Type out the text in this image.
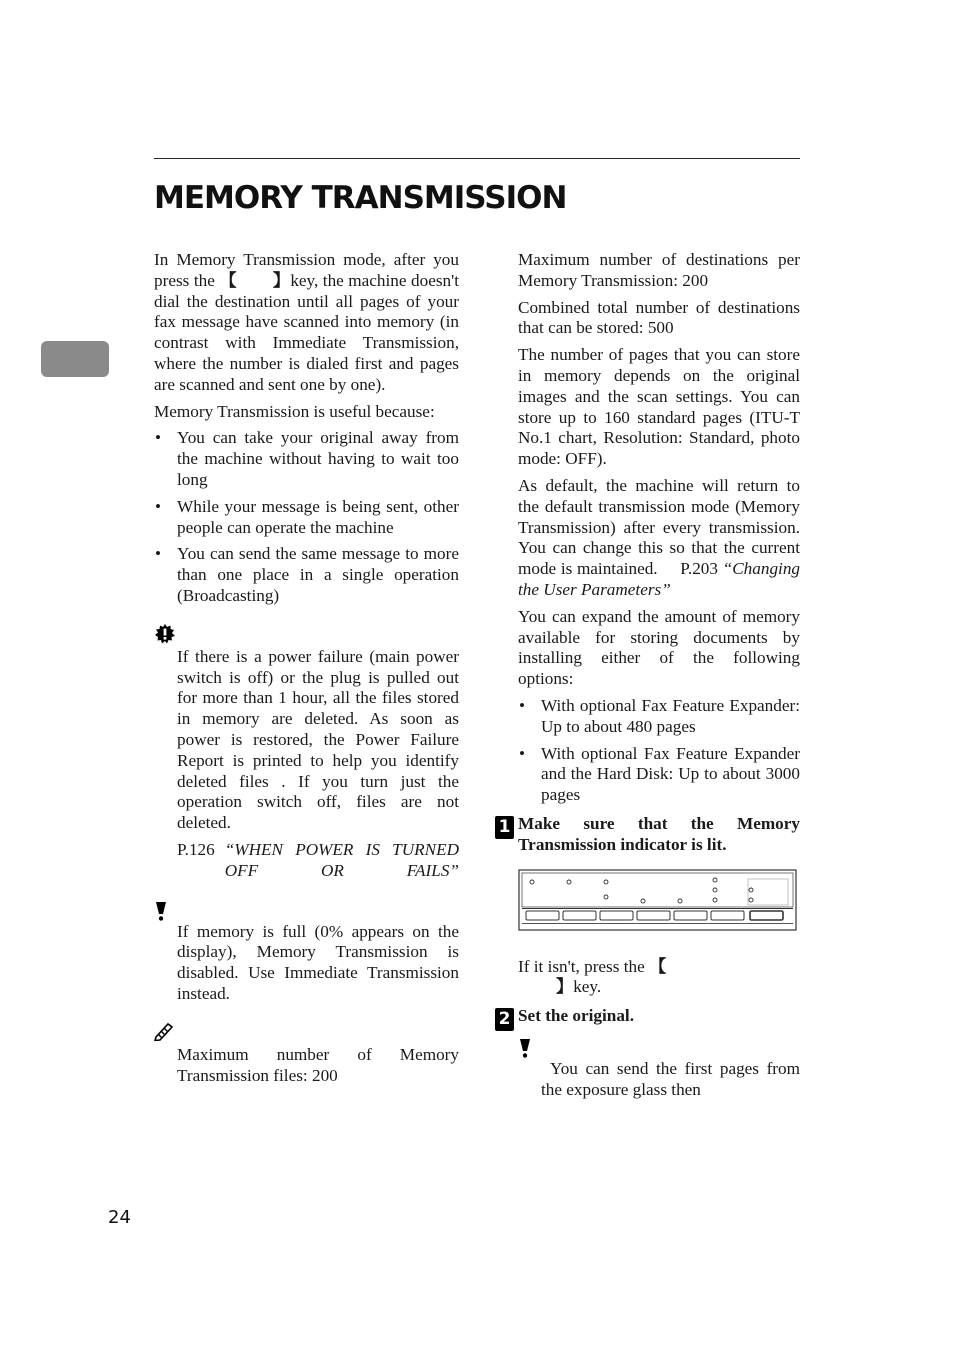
MEMORY TRANSMISSION

In Memory Transmission mode, after you press the 【 】key, the machine doesn't dial the destination until all pages of your fax message have scanned into memory (in contrast with Immediate Transmission, where the number is dialed first and pages are scanned and sent one by one).

Memory Transmission is useful because:

• You can take your original away from the machine without having to wait too long
• While your message is being sent, other people can operate the machine
• You can send the same message to more than one place in a single operation (Broadcasting)

If there is a power failure (main power switch is off) or the plug is pulled out for more than 1 hour, all the files stored in memory are deleted. As soon as power is restored, the Power Failure Report is printed to help you identify deleted files . If you turn just the operation switch off, files are not deleted.

P.126 “WHEN POWER IS TURNED OFF OR FAILS”

If memory is full (0% appears on the display), Memory Transmission is disabled. Use Immediate Transmission instead.

Maximum number of Memory Transmission files: 200

Maximum number of destinations per Memory Transmission: 200

Combined total number of destinations that can be stored: 500

The number of pages that you can store in memory depends on the original images and the scan settings. You can store up to 160 standard pages (ITU-T No.1 chart, Resolution: Standard, photo mode: OFF).

As default, the machine will return to the default transmission mode (Memory Transmission) after every transmission. You can change this so that the current mode is maintained. P.203 “Changing the User Parameters”

You can expand the amount of memory available for storing documents by installing either of the following options:

• With optional Fax Feature Expander: Up to about 480 pages
• With optional Fax Feature Expander and the Hard Disk: Up to about 3000 pages
1 Make sure that the Memory Transmission indicator is lit.

If it isn't, press the 【
】key.

2 Set the original.

You can send the first pages from the exposure glass then

24
